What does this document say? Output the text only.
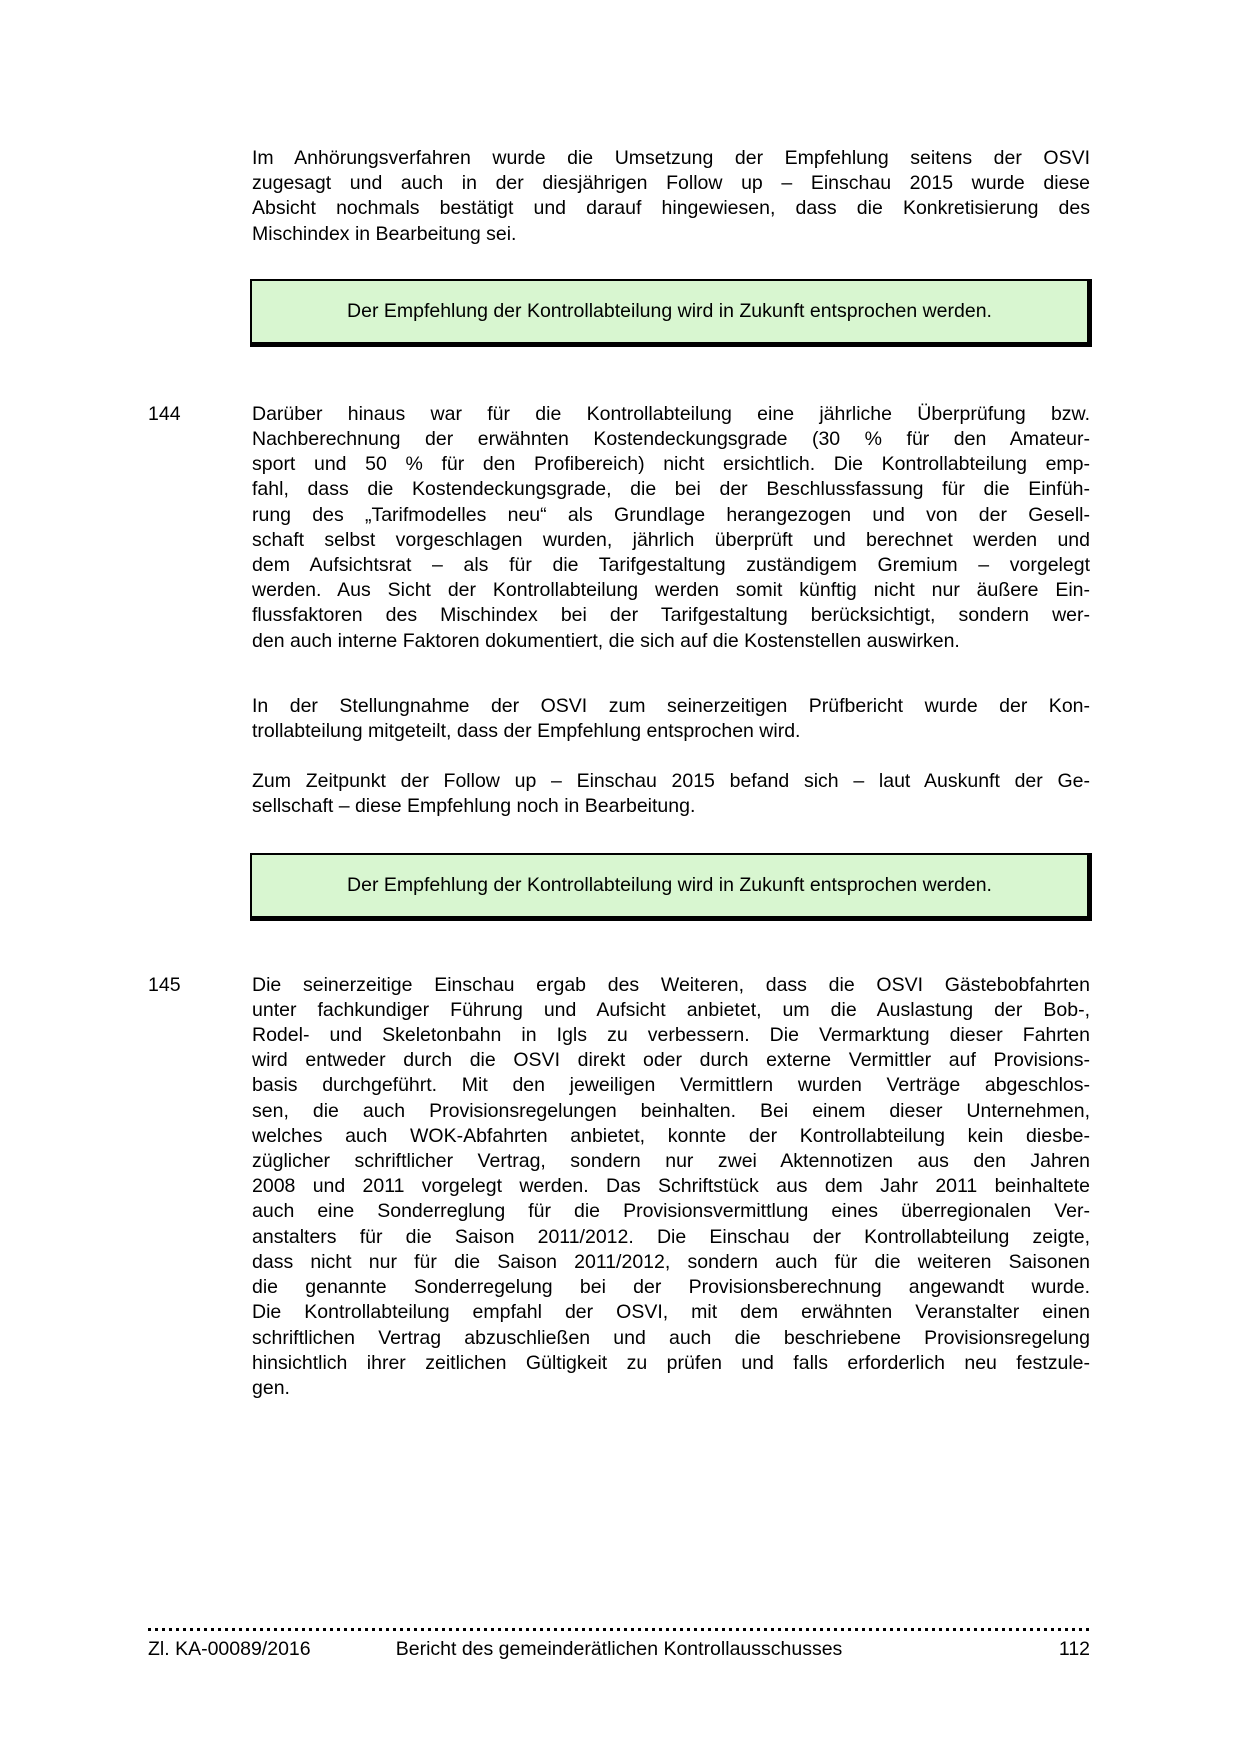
Im Anhörungsverfahren wurde die Umsetzung der Empfehlung seitens der OSVI
zugesagt und auch in der diesjährigen Follow up – Einschau 2015 wurde diese
Absicht nochmals bestätigt und darauf hingewiesen, dass die Konkretisierung des
Mischindex in Bearbeitung sei.
Der Empfehlung der Kontrollabteilung wird in Zukunft entsprochen werden.
144	Darüber hinaus war für die Kontrollabteilung eine jährliche Überprüfung bzw.
Nachberechnung der erwähnten Kostendeckungsgrade (30 % für den Amateur-
sport und 50 % für den Profibereich) nicht ersichtlich. Die Kontrollabteilung emp-
fahl, dass die Kostendeckungsgrade, die bei der Beschlussfassung für die Einfüh-
rung des „Tarifmodelles neu“ als Grundlage herangezogen und von der Gesell-
schaft selbst vorgeschlagen wurden, jährlich überprüft und berechnet werden und
dem Aufsichtsrat – als für die Tarifgestaltung zuständigem Gremium – vorgelegt
werden. Aus Sicht der Kontrollabteilung werden somit künftig nicht nur äußere Ein-
flussfaktoren des Mischindex bei der Tarifgestaltung berücksichtigt, sondern wer-
den auch interne Faktoren dokumentiert, die sich auf die Kostenstellen auswirken.
In der Stellungnahme der OSVI zum seinerzeitigen Prüfbericht wurde der Kon-
trollabteilung mitgeteilt, dass der Empfehlung entsprochen wird.
Zum Zeitpunkt der Follow up – Einschau 2015 befand sich – laut Auskunft der Ge-
sellschaft – diese Empfehlung noch in Bearbeitung.
Der Empfehlung der Kontrollabteilung wird in Zukunft entsprochen werden.
145	Die seinerzeitige Einschau ergab des Weiteren, dass die OSVI Gästebobfahrten
unter fachkundiger Führung und Aufsicht anbietet, um die Auslastung der Bob-,
Rodel- und Skeletonbahn in Igls zu verbessern. Die Vermarktung dieser Fahrten
wird entweder durch die OSVI direkt oder durch externe Vermittler auf Provisions-
basis durchgeführt. Mit den jeweiligen Vermittlern wurden Verträge abgeschlos-
sen, die auch Provisionsregelungen beinhalten. Bei einem dieser Unternehmen,
welches auch WOK-Abfahrten anbietet, konnte der Kontrollabteilung kein diesbe-
züglicher schriftlicher Vertrag, sondern nur zwei Aktennotizen aus den Jahren
2008 und 2011 vorgelegt werden. Das Schriftstück aus dem Jahr 2011 beinhaltete
auch eine Sonderreglung für die Provisionsvermittlung eines überregionalen Ver-
anstalters für die Saison 2011/2012. Die Einschau der Kontrollabteilung zeigte,
dass nicht nur für die Saison 2011/2012, sondern auch für die weiteren Saisonen
die genannte Sonderregelung bei der Provisionsberechnung angewandt wurde.
Die Kontrollabteilung empfahl der OSVI, mit dem erwähnten Veranstalter einen
schriftlichen Vertrag abzuschließen und auch die beschriebene Provisionsregelung
hinsichtlich ihrer zeitlichen Gültigkeit zu prüfen und falls erforderlich neu festzule-
gen.
Zl. KA-00089/2016	Bericht des gemeinderätlichen Kontrollausschusses	112
